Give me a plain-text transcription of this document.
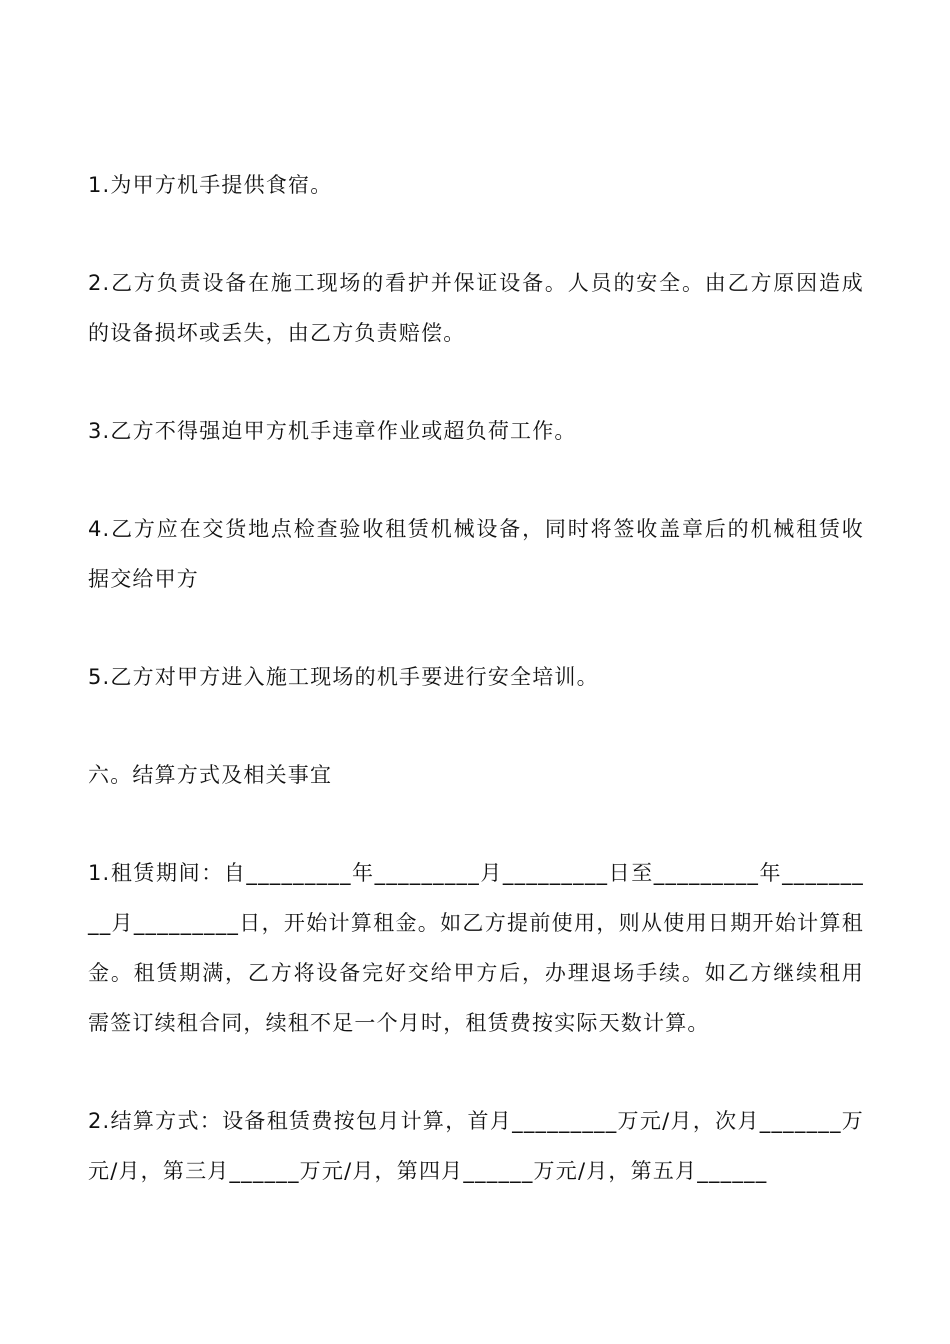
1.为甲方机手提供食宿。

2.乙方负责设备在施工现场的看护并保证设备。人员的安全。由乙方原因造成的设备损坏或丢失，由乙方负责赔偿。

3.乙方不得强迫甲方机手违章作业或超负荷工作。

4.乙方应在交货地点检查验收租赁机械设备，同时将签收盖章后的机械租赁收据交给甲方

5.乙方对甲方进入施工现场的机手要进行安全培训。

六。结算方式及相关事宜

1.租赁期间：自_________年_________月_________日至_________年_________月_________日，开始计算租金。如乙方提前使用，则从使用日期开始计算租金。租赁期满，乙方将设备完好交给甲方后，办理退场手续。如乙方继续租用需签订续租合同，续租不足一个月时，租赁费按实际天数计算。

2.结算方式：设备租赁费按包月计算，首月_________万元/月，次月_______万元/月，第三月______万元/月，第四月______万元/月，第五月______
